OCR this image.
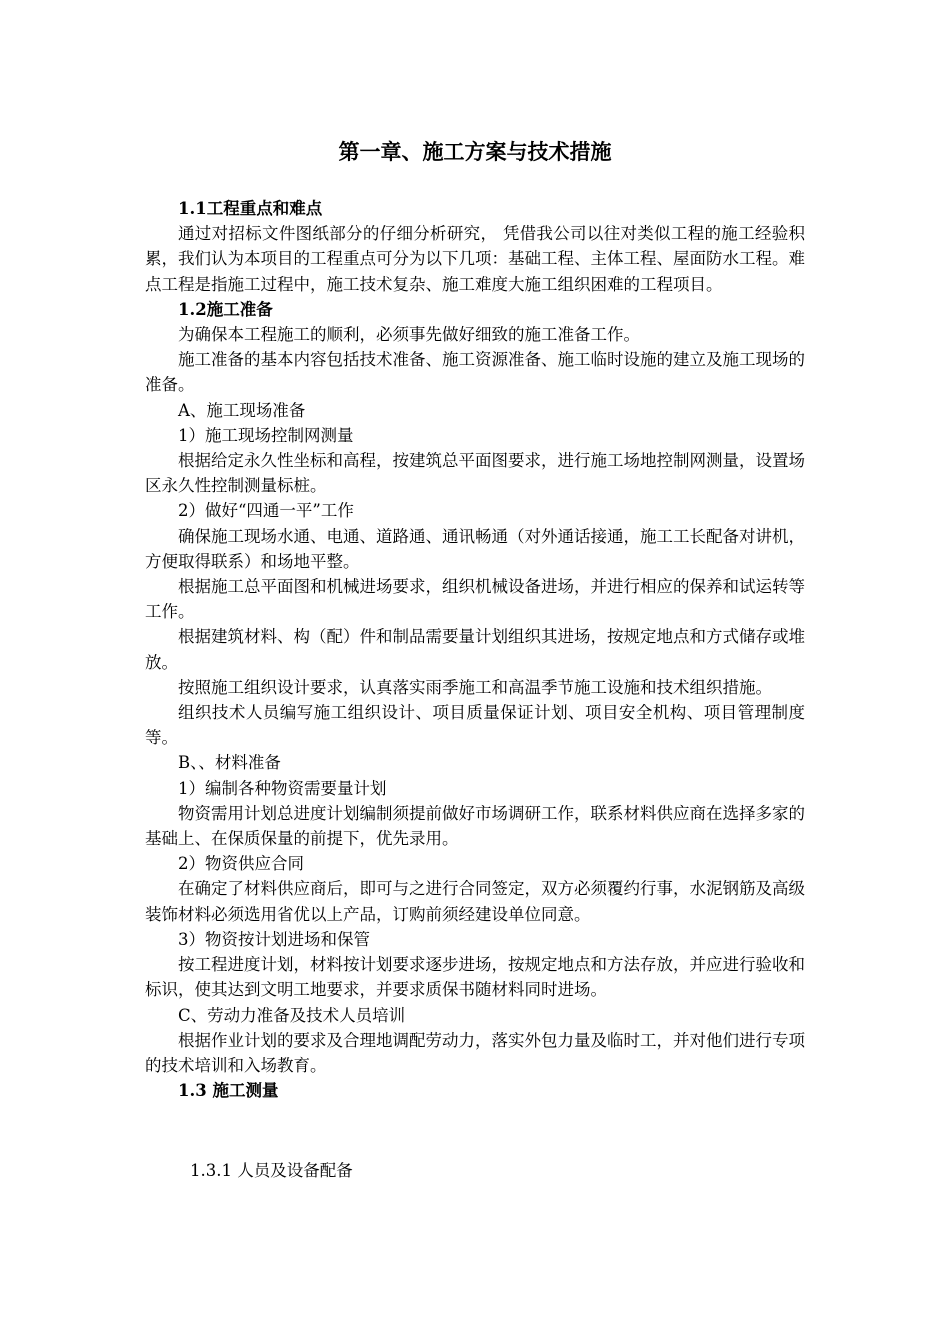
第一章、施工方案与技术措施

1.1工程重点和难点

通过对招标文件图纸部分的仔细分析研究， 凭借我公司以往对类似工程的施工经验积累，我们认为本项目的工程重点可分为以下几项：基础工程、主体工程、屋面防水工程。难点工程是指施工过程中，施工技术复杂、施工难度大施工组织困难的工程项目。

1.2施工准备

为确保本工程施工的顺利，必须事先做好细致的施工准备工作。

施工准备的基本内容包括技术准备、施工资源准备、施工临时设施的建立及施工现场的准备。

A、施工现场准备

1）施工现场控制网测量

根据给定永久性坐标和高程，按建筑总平面图要求，进行施工场地控制网测量，设置场区永久性控制测量标桩。

2）做好“四通一平”工作

确保施工现场水通、电通、道路通、通讯畅通（对外通话接通，施工工长配备对讲机，方便取得联系）和场地平整。

根据施工总平面图和机械进场要求，组织机械设备进场，并进行相应的保养和试运转等工作。

根据建筑材料、构（配）件和制品需要量计划组织其进场，按规定地点和方式储存或堆放。

按照施工组织设计要求，认真落实雨季施工和高温季节施工设施和技术组织措施。

组织技术人员编写施工组织设计、项目质量保证计划、项目安全机构、项目管理制度等。

B、、材料准备

1）编制各种物资需要量计划

物资需用计划总进度计划编制须提前做好市场调研工作，联系材料供应商在选择多家的基础上、在保质保量的前提下，优先录用。

2）物资供应合同

在确定了材料供应商后，即可与之进行合同签定，双方必须覆约行事，水泥钢筋及高级装饰材料必须选用省优以上产品，订购前须经建设单位同意。

3）物资按计划进场和保管

按工程进度计划，材料按计划要求逐步进场，按规定地点和方法存放，并应进行验收和标识，使其达到文明工地要求，并要求质保书随材料同时进场。

C、劳动力准备及技术人员培训

根据作业计划的要求及合理地调配劳动力，落实外包力量及临时工，并对他们进行专项的技术培训和入场教育。

1.3 施工测量

1.3.1 人员及设备配备
